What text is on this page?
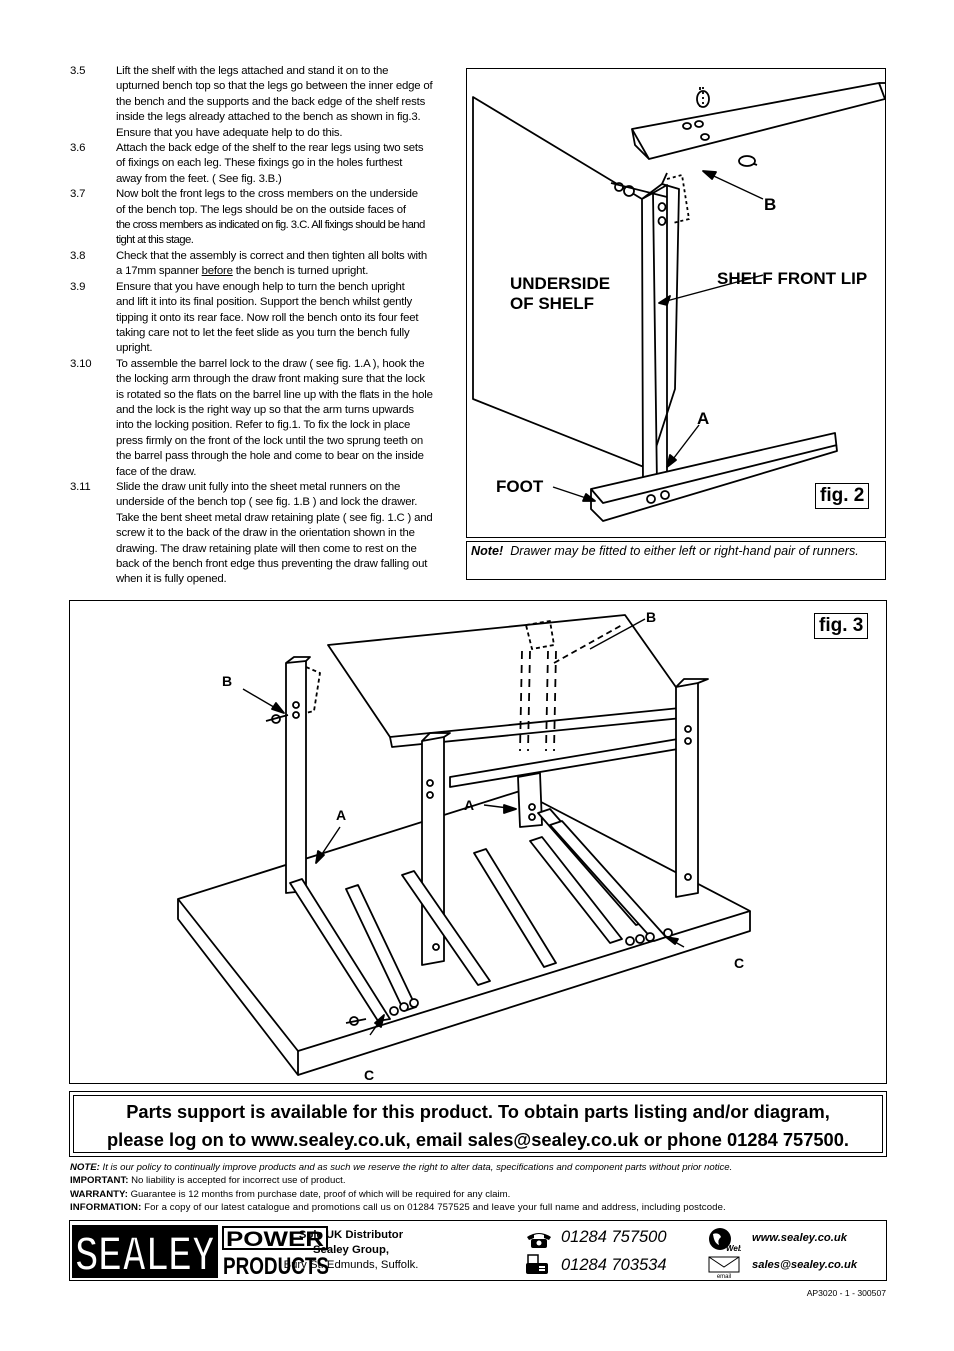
3.5	Lift the shelf with the legs attached and stand it on to the
upturned bench top so that the legs go between the inner edge of
the bench and the supports and the back edge of the shelf rests
inside the legs already attached to the bench as shown in fig.3.
Ensure that you have adequate help to do this.
3.6	Attach the back edge of the shelf to the rear legs using two sets
of fixings on each leg. These fixings go in the holes furthest
away from the feet. ( See fig. 3.B.)
3.7	Now bolt the front legs to the cross members on the underside
of the bench top. The legs should be on the outside faces of
the cross members as indicated on fig. 3.C. All fixings should be hand
tight at this stage.
3.8	Check that the assembly is correct and then tighten all bolts with
a 17mm spanner before the bench is turned upright.
3.9	Ensure that you have enough help to turn the bench upright
and lift it into its final position. Support the bench whilst gently
tipping it onto its rear face. Now roll the bench onto its four feet
taking care not to let the feet slide as you turn the bench fully
upright.
3.10	To assemble the barrel lock to the draw ( see fig. 1.A ), hook the
the locking arm through the draw front making sure that the lock
is rotated so the flats on the barrel line up with the flats in the hole
and the lock is the right way up so that the arm turns upwards
into the locking position. Refer to fig.1. To fix the lock in place
press firmly on the front of the lock until the two sprung teeth on
the barrel pass through the hole and come to bear on the inside
face of the draw.
3.11	Slide the draw unit fully into the sheet metal runners on the
underside of the bench top ( see fig. 1.B ) and lock the drawer.
Take the bent sheet metal draw retaining plate ( see fig. 1.C ) and
screw it to the back of the draw in the orientation shown in the
drawing. The draw retaining plate will then come to rest on the
back of the bench front edge thus preventing the draw falling out
when it is fully opened.
UNDERSIDE
OF SHELF
SHELF FRONT LIP
FOOT
A
B
fig. 2
Note! Drawer may be fitted to either left or right-hand pair of runners.
B
B
A
A
C
C
fig. 3
Parts support is available for this product. To obtain parts listing and/or diagram,
please log on to www.sealey.co.uk, email sales@sealey.co.uk or phone 01284 757500.
NOTE: It is our policy to continually improve products and as such we reserve the right to alter data, specifications and component parts without prior notice.
IMPORTANT: No liability is accepted for incorrect use of product.
WARRANTY: Guarantee is 12 months from purchase date, proof of which will be required for any claim.
INFORMATION: For a copy of our latest catalogue and promotions call us on 01284 757525 and leave your full name and address, including postcode.
SEALEY POWER
PRODUCTS
Sole UK Distributor
Sealey Group,
Bury St. Edmunds, Suffolk.
01284 757500
01284 703534
We
www.sealey.co.uk
email
sales@sealey.co.uk
AP3020 - 1 - 300507
